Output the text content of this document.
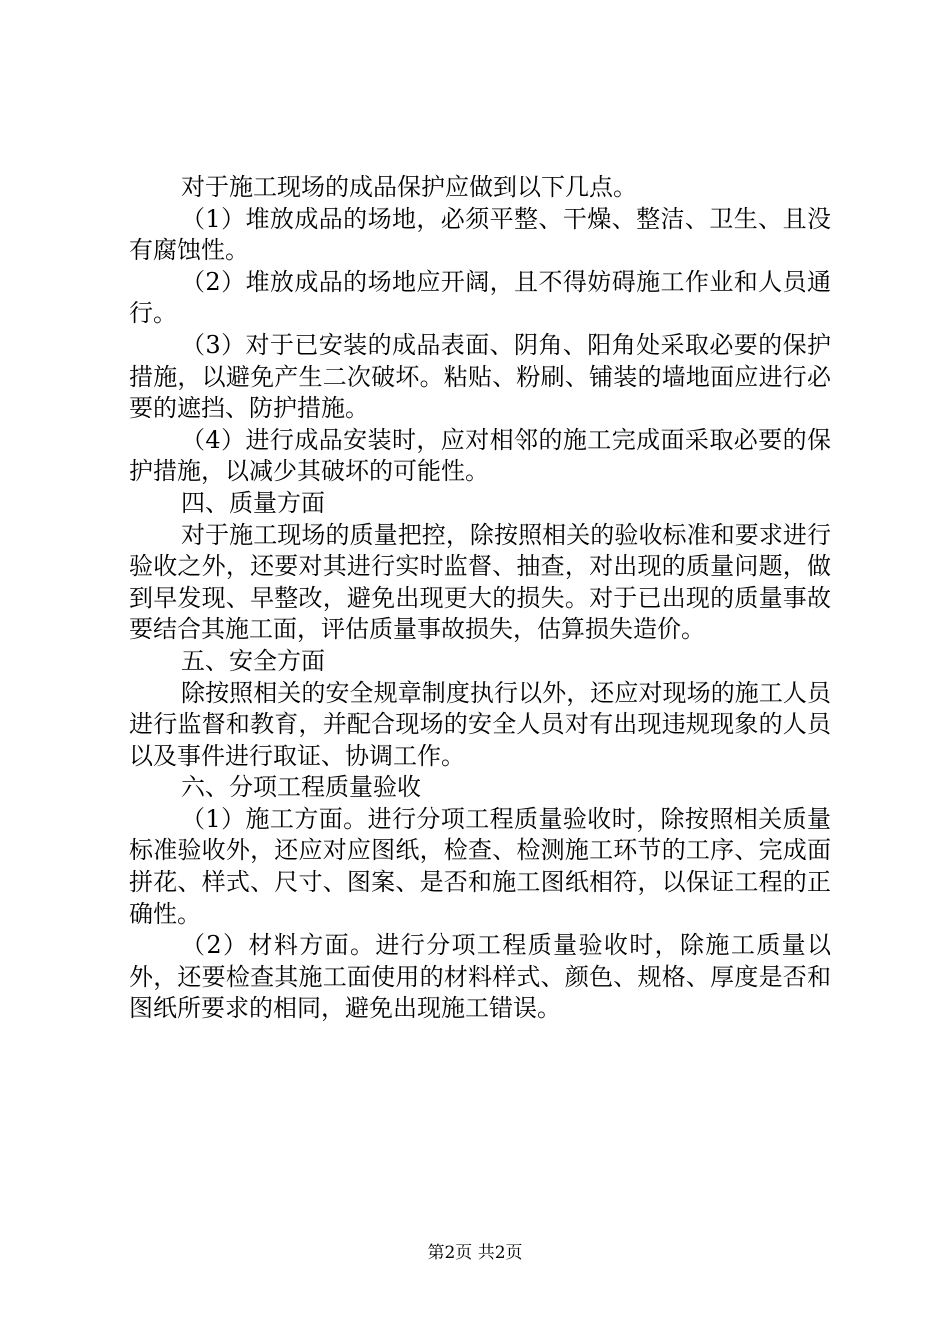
对于施工现场的成品保护应做到以下几点。

（1）堆放成品的场地，必须平整、干燥、整洁、卫生、且没有腐蚀性。

（2）堆放成品的场地应开阔，且不得妨碍施工作业和人员通行。

（3）对于已安装的成品表面、阴角、阳角处采取必要的保护措施，以避免产生二次破坏。粘贴、粉刷、铺装的墙地面应进行必要的遮挡、防护措施。

（4）进行成品安装时，应对相邻的施工完成面采取必要的保护措施，以减少其破坏的可能性。

四、质量方面

对于施工现场的质量把控，除按照相关的验收标准和要求进行验收之外，还要对其进行实时监督、抽查，对出现的质量问题，做到早发现、早整改，避免出现更大的损失。对于已出现的质量事故要结合其施工面，评估质量事故损失，估算损失造价。

五、安全方面

除按照相关的安全规章制度执行以外，还应对现场的施工人员进行监督和教育，并配合现场的安全人员对有出现违规现象的人员以及事件进行取证、协调工作。

六、分项工程质量验收

（1）施工方面。进行分项工程质量验收时，除按照相关质量标准验收外，还应对应图纸，检查、检测施工环节的工序、完成面拼花、样式、尺寸、图案、是否和施工图纸相符，以保证工程的正确性。

（2）材料方面。进行分项工程质量验收时，除施工质量以外，还要检查其施工面使用的材料样式、颜色、规格、厚度是否和图纸所要求的相同，避免出现施工错误。

第2页 共2页
